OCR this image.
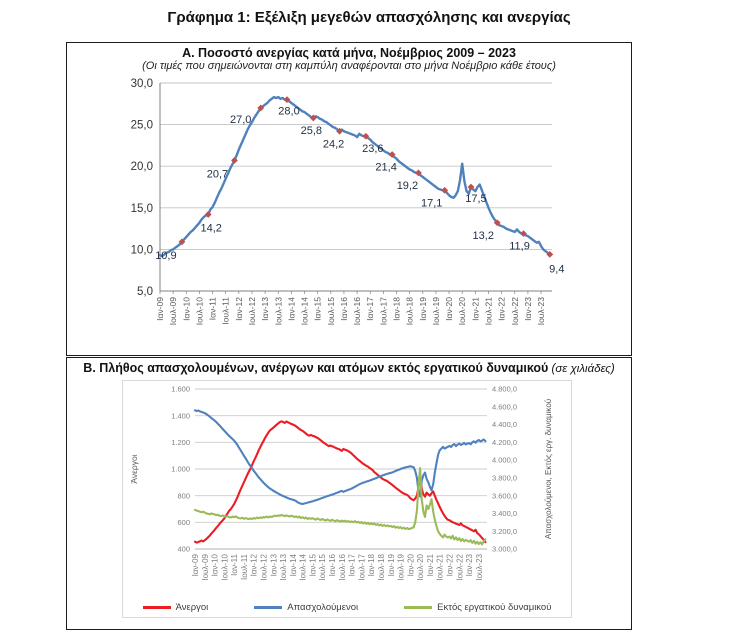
Γράφημα 1: Εξέλιξη μεγεθών απασχόλησης και ανεργίας
Α. Ποσοστό ανεργίας κατά μήνα, Νοέμβριος 2009 – 2023
(Οι τιμές που σημειώνονται στη καμπύλη αναφέρονται στο μήνα Νοέμβριο κάθε έτους)
30,0
25,0
20,0
15,0
10,0
5,0
Ιαν-09 Ιουλ-09 Ιαν-10 Ιουλ-10 Ιαν-11 Ιουλ-11 Ιαν-12 Ιουλ-12 Ιαν-13 Ιουλ-13 Ιαν-14 Ιουλ-14 Ιαν-15 Ιουλ-15 Ιαν-16 Ιουλ-16 Ιαν-17 Ιουλ-17 Ιαν-18 Ιουλ-18 Ιαν-19 Ιουλ-19 Ιαν-20 Ιουλ-20 Ιαν-21 Ιουλ-21 Ιαν-22 Ιουλ-22 Ιαν-23 Ιουλ-23
10,9
14,2
20,7
27,0
28,0
25,8
24,2 23,6
21,4
19,2
17,1 17,5
13,2
11,9
9,4
Β. Πλήθος απασχολουμένων, ανέργων και ατόμων εκτός εργατικού δυναμικού (σε χιλιάδες)
1.600
1.400
1.200
1.000
800
600
400
4.800,0
4.600,0
4.400,0
4.200,0
4.000,0
3.800,0
3.600,0
3.400,0
3.200,0
3.000,0
Άνεργοι	Απασχολούμενοι, Εκτός εργ. δυναμικού
Ιαν-09 Ιουλ-09 Ιαν-10 Ιουλ-10 Ιαν-11 Ιουλ-11 Ιαν-12 Ιουλ-12 Ιαν-13 Ιουλ-13 Ιαν-14 Ιουλ-14 Ιαν-15 Ιουλ-15 Ιαν-16 Ιουλ-16 Ιαν-17 Ιουλ-17 Ιαν-18 Ιουλ-18 Ιαν-19 Ιουλ-19 Ιαν-20 Ιουλ-20 Ιαν-21 Ιουλ-21 Ιαν-22 Ιουλ-22 Ιαν-23 Ιουλ-23
Άνεργοι	Απασχολούμενοι	Εκτός εργατικού δυναμικού
